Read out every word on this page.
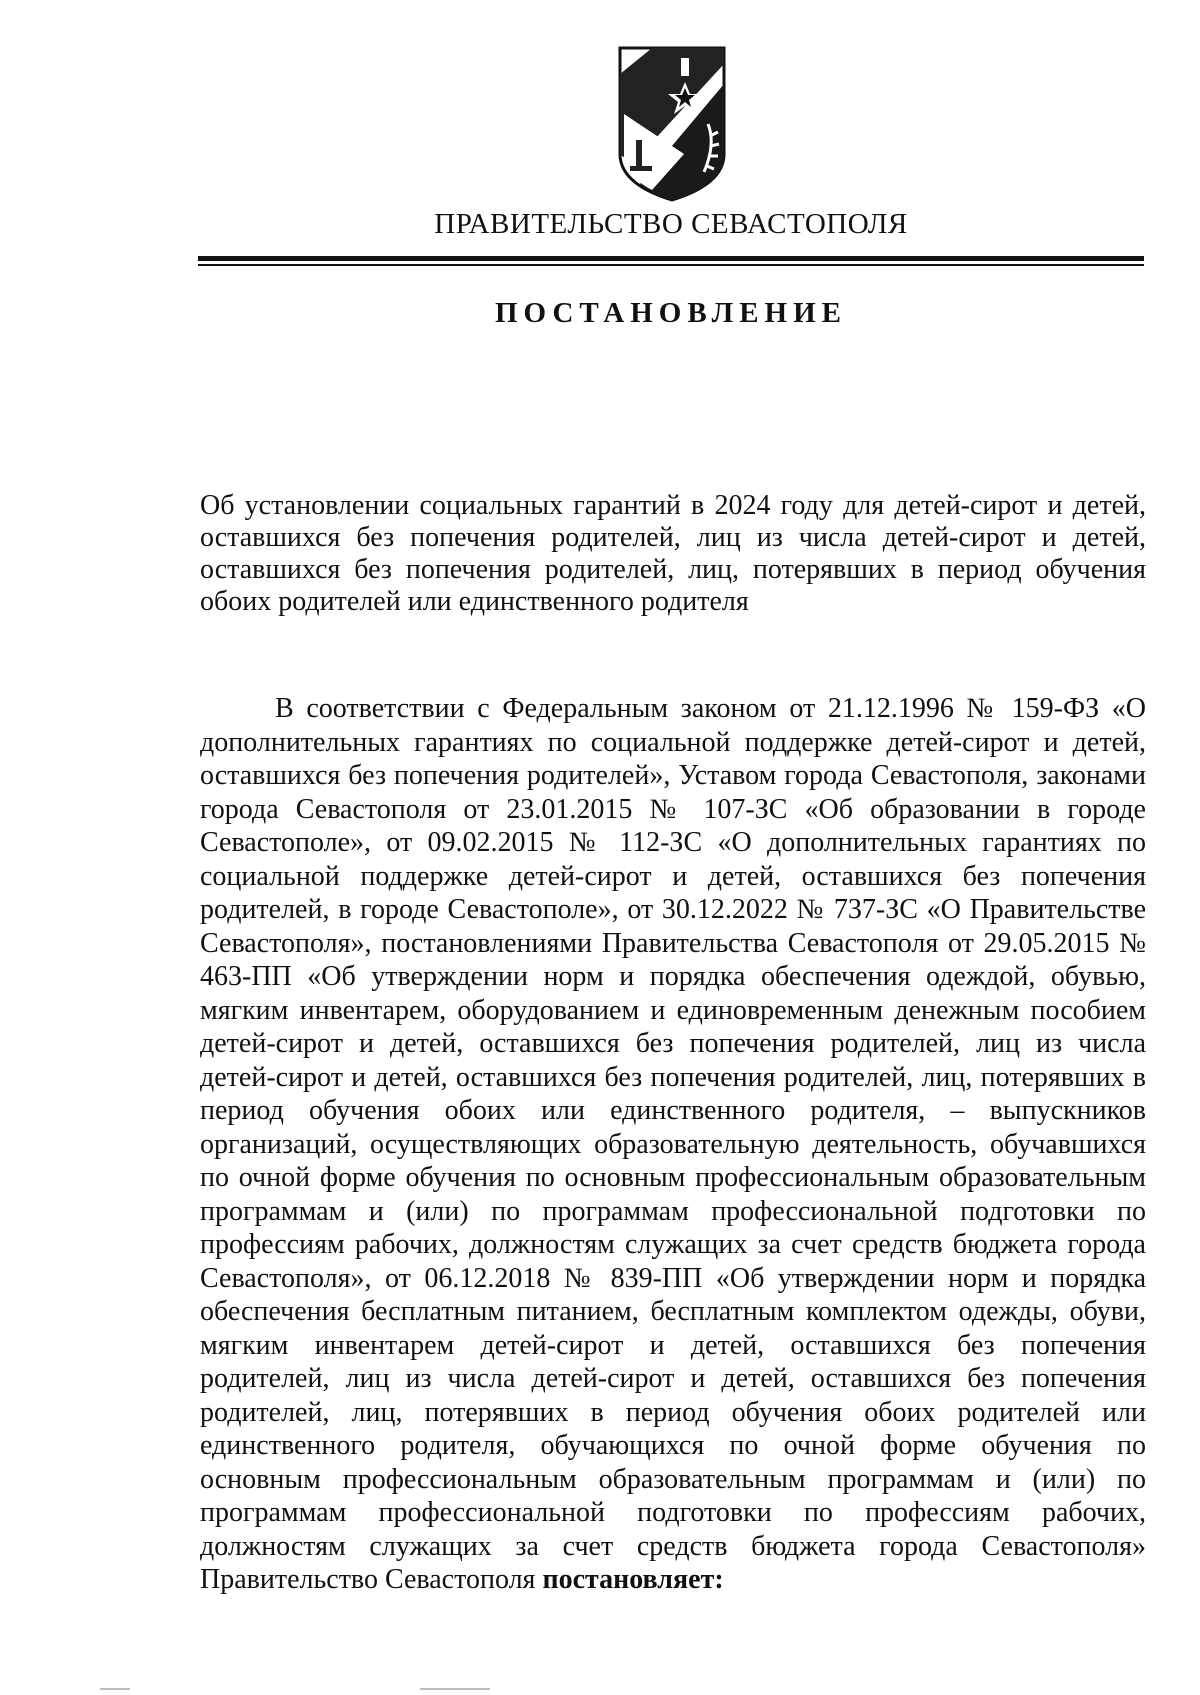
ПРАВИТЕЛЬСТВО СЕВАСТОПОЛЯ
ПОСТАНОВЛЕНИЕ
Об установлении социальных гарантий в 2024 году для детей-сирот и детей, оставшихся без попечения родителей, лиц из числа детей-сирот и детей, оставшихся без попечения родителей, лиц, потерявших в период обучения обоих родителей или единственного родителя
В соответствии с Федеральным законом от 21.12.1996 № 159-ФЗ «О дополнительных гарантиях по социальной поддержке детей-сирот и детей, оставшихся без попечения родителей», Уставом города Севастополя, законами города Севастополя от 23.01.2015 № 107-ЗС «Об образовании в городе Севастополе», от 09.02.2015 № 112-ЗС «О дополнительных гарантиях по социальной поддержке детей-сирот и детей, оставшихся без попечения родителей, в городе Севастополе», от 30.12.2022 № 737-ЗС «О Правительстве Севастополя», постановлениями Правительства Севастополя от 29.05.2015 № 463-ПП «Об утверждении норм и порядка обеспечения одеждой, обувью, мягким инвентарем, оборудованием и единовременным денежным пособием детей-сирот и детей, оставшихся без попечения родителей, лиц из числа детей-сирот и детей, оставшихся без попечения родителей, лиц, потерявших в период обучения обоих или единственного родителя, – выпускников организаций, осуществляющих образовательную деятельность, обучавшихся по очной форме обучения по основным профессиональным образовательным программам и (или) по программам профессиональной подготовки по профессиям рабочих, должностям служащих за счет средств бюджета города Севастополя», от 06.12.2018 № 839-ПП «Об утверждении норм и порядка обеспечения бесплатным питанием, бесплатным комплектом одежды, обуви, мягким инвентарем детей-сирот и детей, оставшихся без попечения родителей, лиц из числа детей-сирот и детей, оставшихся без попечения родителей, лиц, потерявших в период обучения обоих родителей или единственного родителя, обучающихся по очной форме обучения по основным профессиональным образовательным программам и (или) по программам профессиональной подготовки по профессиям рабочих, должностям служащих за счет средств бюджета города Севастополя» Правительство Севастополя постановляет:
